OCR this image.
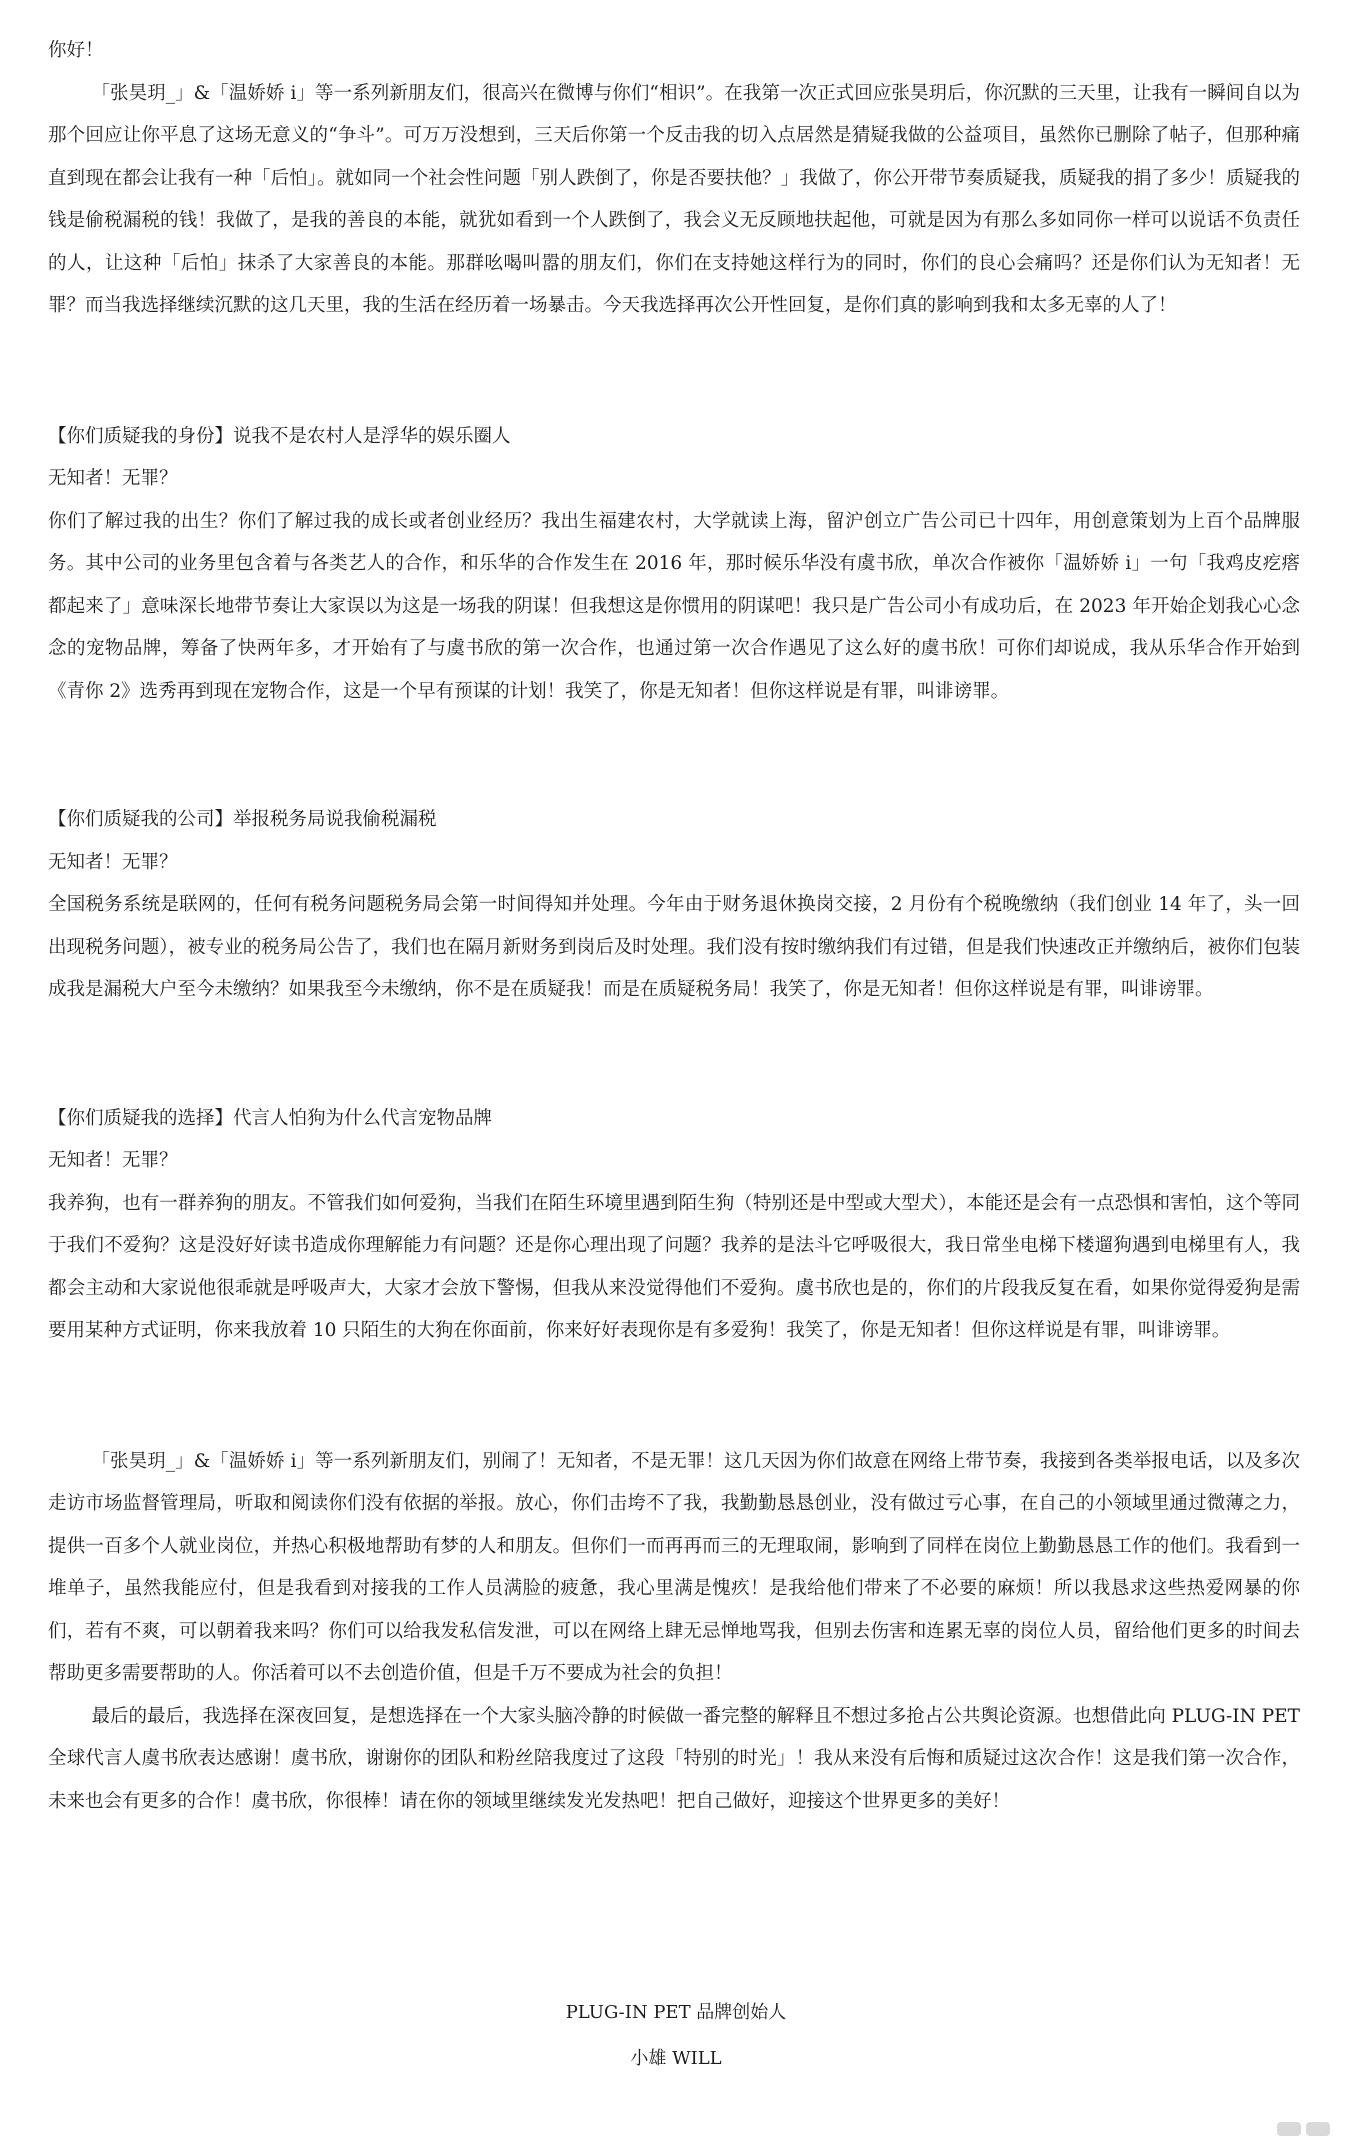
你好！

「张昊玥_」&「温娇娇 i」等一系列新朋友们，很高兴在微博与你们“相识”。在我第一次正式回应张昊玥后，你沉默的三天里，让我有一瞬间自以为那个回应让你平息了这场无意义的“争斗”。可万万没想到，三天后你第一个反击我的切入点居然是猜疑我做的公益项目，虽然你已删除了帖子，但那种痛直到现在都会让我有一种「后怕」。就如同一个社会性问题「别人跌倒了，你是否要扶他？」我做了，你公开带节奏质疑我，质疑我的捐了多少！质疑我的钱是偷税漏税的钱！我做了，是我的善良的本能，就犹如看到一个人跌倒了，我会义无反顾地扶起他，可就是因为有那么多如同你一样可以说话不负责任的人，让这种「后怕」抹杀了大家善良的本能。那群吆喝叫嚣的朋友们，你们在支持她这样行为的同时，你们的良心会痛吗？还是你们认为无知者！无罪？而当我选择继续沉默的这几天里，我的生活在经历着一场暴击。今天我选择再次公开性回复，是你们真的影响到我和太多无辜的人了！

【你们质疑我的身份】说我不是农村人是浮华的娱乐圈人

无知者！无罪？

你们了解过我的出生？你们了解过我的成长或者创业经历？我出生福建农村，大学就读上海，留沪创立广告公司已十四年，用创意策划为上百个品牌服务。其中公司的业务里包含着与各类艺人的合作，和乐华的合作发生在 2016 年，那时候乐华没有虞书欣，单次合作被你「温娇娇 i」一句「我鸡皮疙瘩都起来了」意味深长地带节奏让大家误以为这是一场我的阴谋！但我想这是你惯用的阴谋吧！我只是广告公司小有成功后，在 2023 年开始企划我心心念念的宠物品牌，筹备了快两年多，才开始有了与虞书欣的第一次合作，也通过第一次合作遇见了这么好的虞书欣！可你们却说成，我从乐华合作开始到《青你 2》选秀再到现在宠物合作，这是一个早有预谋的计划！我笑了，你是无知者！但你这样说是有罪，叫诽谤罪。

【你们质疑我的公司】举报税务局说我偷税漏税

无知者！无罪？

全国税务系统是联网的，任何有税务问题税务局会第一时间得知并处理。今年由于财务退休换岗交接，2 月份有个税晚缴纳（我们创业 14 年了，头一回出现税务问题），被专业的税务局公告了，我们也在隔月新财务到岗后及时处理。我们没有按时缴纳我们有过错，但是我们快速改正并缴纳后，被你们包装成我是漏税大户至今未缴纳？如果我至今未缴纳，你不是在质疑我！而是在质疑税务局！我笑了，你是无知者！但你这样说是有罪，叫诽谤罪。

【你们质疑我的选择】代言人怕狗为什么代言宠物品牌

无知者！无罪？

我养狗，也有一群养狗的朋友。不管我们如何爱狗，当我们在陌生环境里遇到陌生狗（特别还是中型或大型犬），本能还是会有一点恐惧和害怕，这个等同于我们不爱狗？这是没好好读书造成你理解能力有问题？还是你心理出现了问题？我养的是法斗它呼吸很大，我日常坐电梯下楼遛狗遇到电梯里有人，我都会主动和大家说他很乖就是呼吸声大，大家才会放下警惕，但我从来没觉得他们不爱狗。虞书欣也是的，你们的片段我反复在看，如果你觉得爱狗是需要用某种方式证明，你来我放着 10 只陌生的大狗在你面前，你来好好表现你是有多爱狗！我笑了，你是无知者！但你这样说是有罪，叫诽谤罪。

「张昊玥_」&「温娇娇 i」等一系列新朋友们，别闹了！无知者，不是无罪！这几天因为你们故意在网络上带节奏，我接到各类举报电话，以及多次走访市场监督管理局，听取和阅读你们没有依据的举报。放心，你们击垮不了我，我勤勤恳恳创业，没有做过亏心事，在自己的小领域里通过微薄之力，提供一百多个人就业岗位，并热心积极地帮助有梦的人和朋友。但你们一而再再而三的无理取闹，影响到了同样在岗位上勤勤恳恳工作的他们。我看到一堆单子，虽然我能应付，但是我看到对接我的工作人员满脸的疲惫，我心里满是愧疚！是我给他们带来了不必要的麻烦！所以我恳求这些热爱网暴的你们，若有不爽，可以朝着我来吗？你们可以给我发私信发泄，可以在网络上肆无忌惮地骂我，但别去伤害和连累无辜的岗位人员，留给他们更多的时间去帮助更多需要帮助的人。你活着可以不去创造价值，但是千万不要成为社会的负担！

最后的最后，我选择在深夜回复，是想选择在一个大家头脑冷静的时候做一番完整的解释且不想过多抢占公共舆论资源。也想借此向 PLUG-IN PET 全球代言人虞书欣表达感谢！虞书欣，谢谢你的团队和粉丝陪我度过了这段「特别的时光」！我从来没有后悔和质疑过这次合作！这是我们第一次合作，未来也会有更多的合作！虞书欣，你很棒！请在你的领域里继续发光发热吧！把自己做好，迎接这个世界更多的美好！

PLUG-IN PET 品牌创始人

小雄 WILL
